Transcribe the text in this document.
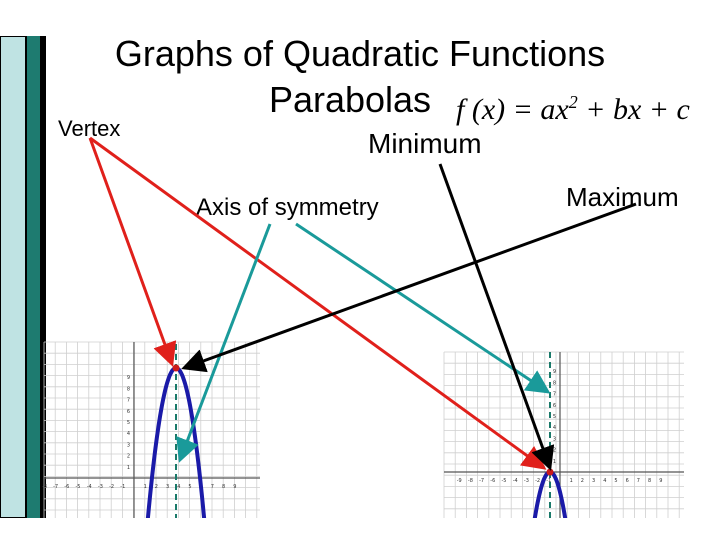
Graphs of Quadratic Functions
Parabolas f $(x) = ax^2$ + bx + c
Vertex	Minimum
Axis of symmetry	Maximum
-8 -7 -6 -5 -4 -3 -2 -1	1 2 3 4 5 6 7 8 9
9
8
7
6
5
4
3
2
1
-9 -8 -7 -6 -5 -4 -3 -2 -1	1 2 3 4 5 6 7 8 9
9
8
7
6
5
4
3
2
1
